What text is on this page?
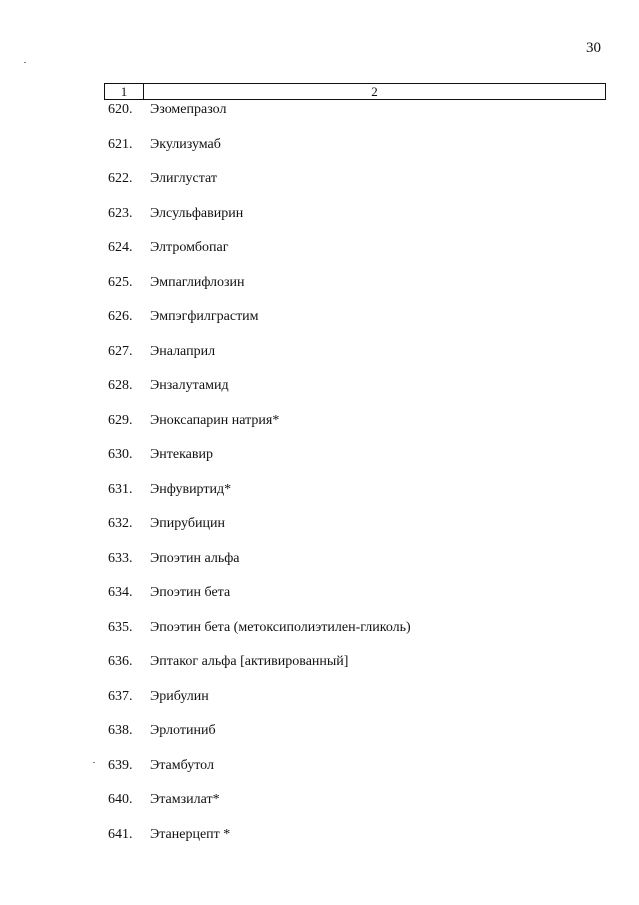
30
1	2
620.	Эзомепразол
621.	Экулизумаб
622.	Элиглустат
623.	Элсульфавирин
624.	Элтромбопаг
625.	Эмпаглифлозин
626.	Эмпэгфилграстим
627.	Эналаприл
628.	Энзалутамид
629.	Эноксапарин натрия*
630.	Энтекавир
631.	Энфувиртид*
632.	Эпирубицин
633.	Эпоэтин альфа
634.	Эпоэтин бета
635.	Эпоэтин бета (метоксиполиэтилен-гликоль)
636.	Эптаког альфа [активированный]
637.	Эрибулин
638.	Эрлотиниб
639.	Этамбутол
640.	Этамзилат*
641.	Этанерцепт *
